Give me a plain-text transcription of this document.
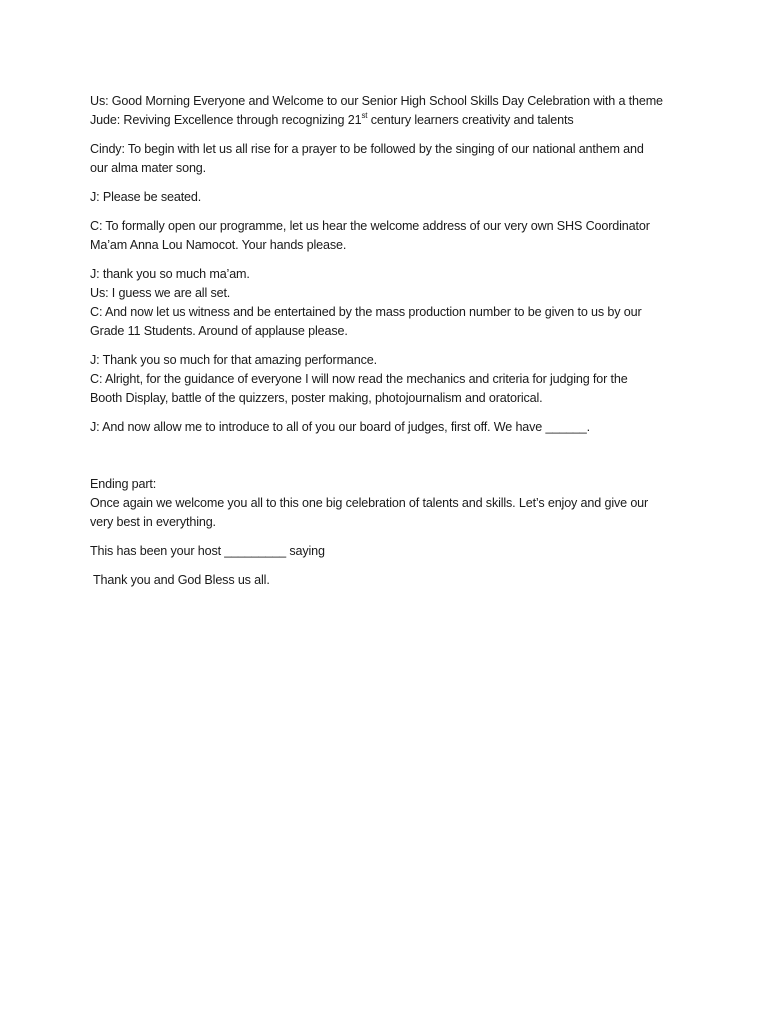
Us: Good Morning Everyone and Welcome to our Senior High School Skills Day Celebration with a theme
Jude: Reviving Excellence through recognizing 21st century learners creativity and talents
Cindy: To begin with let us all rise for a prayer to be followed by the singing of our national anthem and
our alma mater song.
J: Please be seated.
C: To formally open our programme, let us hear the welcome address of our very own SHS Coordinator
Ma’am Anna Lou Namocot. Your hands please.
J: thank you so much ma’am.
Us: I guess we are all set.
C: And now let us witness and be entertained by the mass production number to be given to us by our
Grade 11 Students. Around of applause please.
J: Thank you so much for that amazing performance.
C: Alright, for the guidance of everyone I will now read the mechanics and criteria for judging for the
Booth Display, battle of the quizzers, poster making, photojournalism and oratorical.
J: And now allow me to introduce to all of you our board of judges, first off. We have ______.
Ending part:
Once again we welcome you all to this one big celebration of talents and skills. Let’s enjoy and give our
very best in everything.
This has been your host _________ saying
Thank you and God Bless us all.
